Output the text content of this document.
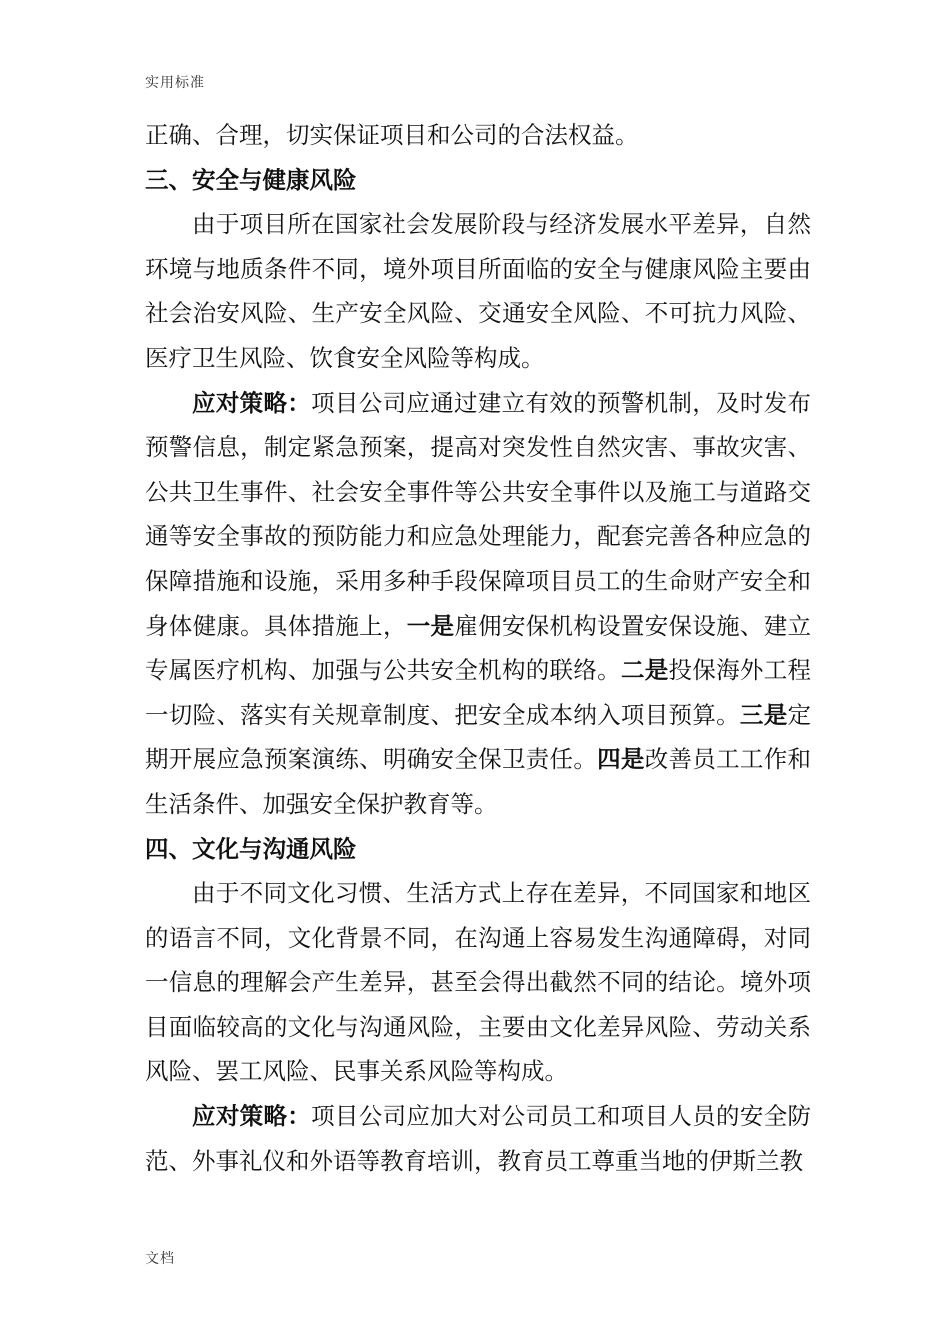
实用标准

正确、合理，切实保证项目和公司的合法权益。

三、安全与健康风险

由于项目所在国家社会发展阶段与经济发展水平差异，自然环境与地质条件不同，境外项目所面临的安全与健康风险主要由社会治安风险、生产安全风险、交通安全风险、不可抗力风险、医疗卫生风险、饮食安全风险等构成。

应对策略：项目公司应通过建立有效的预警机制，及时发布预警信息，制定紧急预案，提高对突发性自然灾害、事故灾害、公共卫生事件、社会安全事件等公共安全事件以及施工与道路交通等安全事故的预防能力和应急处理能力，配套完善各种应急的保障措施和设施，采用多种手段保障项目员工的生命财产安全和身体健康。具体措施上，一是雇佣安保机构设置安保设施、建立专属医疗机构、加强与公共安全机构的联络。二是投保海外工程一切险、落实有关规章制度、把安全成本纳入项目预算。三是定期开展应急预案演练、明确安全保卫责任。四是改善员工工作和生活条件、加强安全保护教育等。

四、文化与沟通风险

由于不同文化习惯、生活方式上存在差异，不同国家和地区的语言不同，文化背景不同，在沟通上容易发生沟通障碍，对同一信息的理解会产生差异，甚至会得出截然不同的结论。境外项目面临较高的文化与沟通风险，主要由文化差异风险、劳动关系风险、罢工风险、民事关系风险等构成。

应对策略：项目公司应加大对公司员工和项目人员的安全防范、外事礼仪和外语等教育培训，教育员工尊重当地的伊斯兰教

文档
